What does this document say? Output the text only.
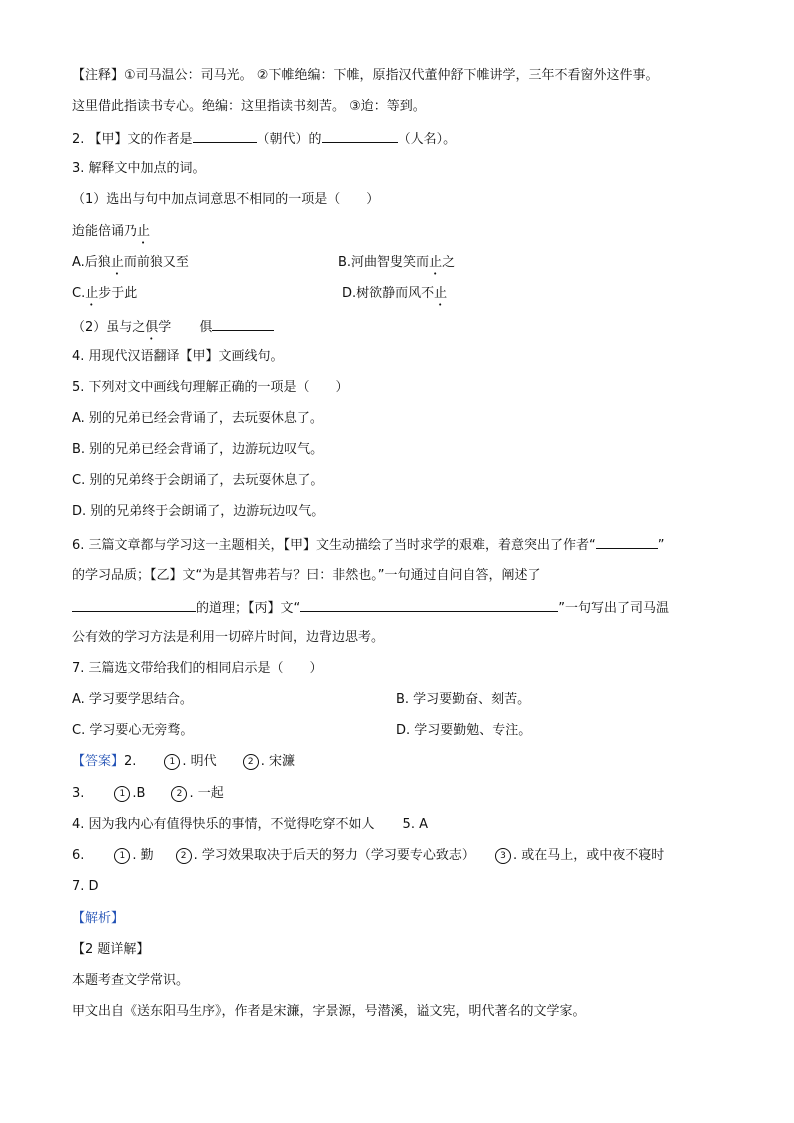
【注释】①司马温公：司马光。 ②下帷绝编：下帷，原指汉代董仲舒下帷讲学，三年不看窗外这件事。
这里借此指读书专心。绝编：这里指读书刻苦。 ③迨：等到。
2. 【甲】文的作者是	（朝代）的	（人名）。
3. 解释文中加点的词。
（1）选出与句中加点词意思不相同的一项是（　　）
迨能倍诵乃止
A.后狼止而前狼又至	B.河曲智叟笑而止之
C.止步于此	D.树欲静而风不止
（2）虽与之俱学 俱
4. 用现代汉语翻译【甲】文画线句。
5. 下列对文中画线句理解正确的一项是（　　）
A. 别的兄弟已经会背诵了，去玩耍休息了。
B. 别的兄弟已经会背诵了，边游玩边叹气。
C. 别的兄弟终于会朗诵了，去玩耍休息了。
D. 别的兄弟终于会朗诵了，边游玩边叹气。
6. 三篇文章都与学习这一主题相关，【甲】文生动描绘了当时求学的艰难，着意突出了作者“	”
的学习品质；【乙】文“为是其智弗若与？曰：非然也。”一句通过自问自答，阐述了
的道理；【丙】文“	”一句写出了司马温
公有效的学习方法是利用一切碎片时间，边背边思考。
7. 三篇选文带给我们的相同启示是（　　）
A. 学习要学思结合。	B. 学习要勤奋、刻苦。
C. 学习要心无旁骛。	D. 学习要勤勉、专注。
【答案】2.	1 . 明代	2 . 宋濂
3.	1 .B	2 . 一起
4. 因为我内心有值得快乐的事情，不觉得吃穿不如人 5. A
6.	1 . 勤	2 . 学习效果取决于后天的努力（学习要专心致志）	3 . 或在马上，或中夜不寝时
7. D
【解析】
【2 题详解】
本题考查文学常识。
甲文出自《送东阳马生序》，作者是宋濂，字景源，号潜溪，谥文宪，明代著名的文学家。
